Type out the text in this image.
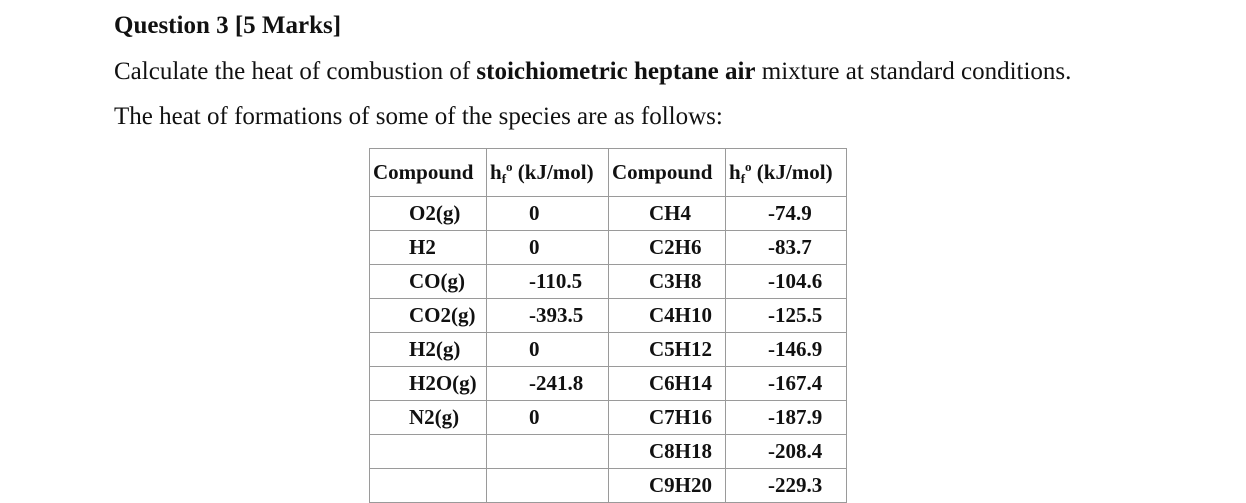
Question 3 [5 Marks]
Calculate the heat of combustion of stoichiometric heptane air mixture at standard conditions.
The heat of formations of some of the species are as follows:
Compound	$hf^o$ (kJ/mol)	Compound	$hf^o$ (kJ/mol)
O2(g)	0	CH4	-74.9
H2	0	C2H6	-83.7
CO(g)	-110.5	C3H8	-104.6
CO2(g)	-393.5	C4H10	-125.5
H2(g)	0	C5H12	-146.9
H2O(g)	-241.8	C6H14	-167.4
N2(g)	0	C7H16	-187.9
		C8H18	-208.4
		C9H20	-229.3
